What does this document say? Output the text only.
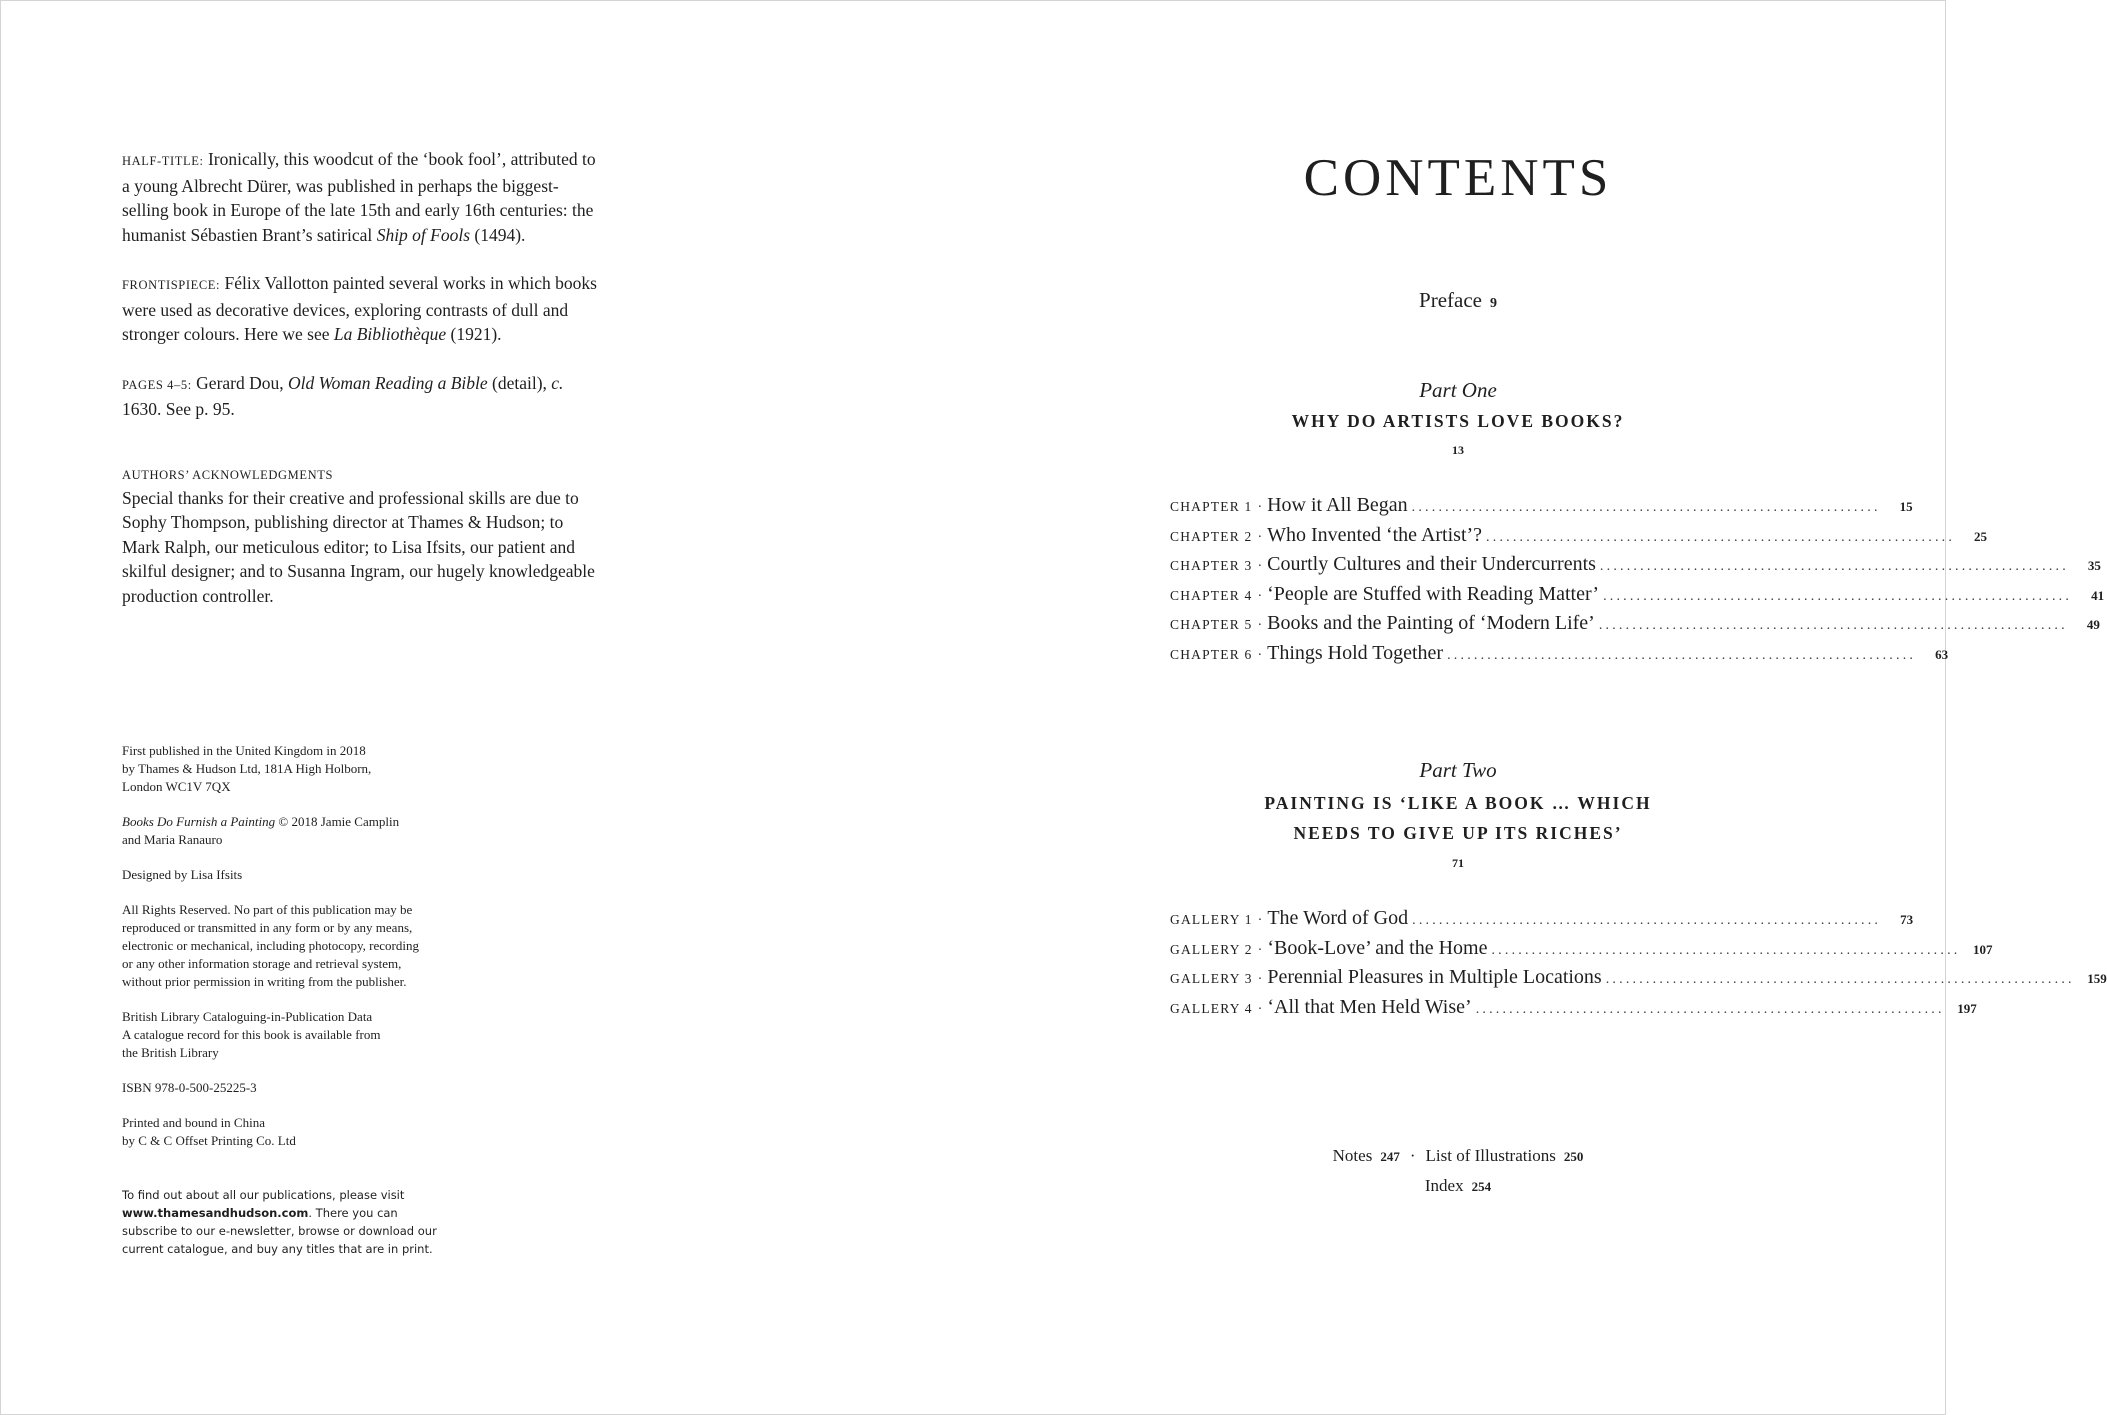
HALF-TITLE: Ironically, this woodcut of the ‘book fool’, attributed to a young Albrecht Dürer, was published in perhaps the biggest-selling book in Europe of the late 15th and early 16th centuries: the humanist Sébastien Brant’s satirical Ship of Fools (1494).

FRONTISPIECE: Félix Vallotton painted several works in which books were used as decorative devices, exploring contrasts of dull and stronger colours. Here we see La Bibliothèque (1921).

PAGES 4–5: Gerard Dou, Old Woman Reading a Bible (detail), c. 1630. See p. 95.

AUTHORS’ ACKNOWLEDGMENTS
Special thanks for their creative and professional skills are due to Sophy Thompson, publishing director at Thames & Hudson; to Mark Ralph, our meticulous editor; to Lisa Ifsits, our patient and skilful designer; and to Susanna Ingram, our hugely knowledgeable production controller.

First published in the United Kingdom in 2018
by Thames & Hudson Ltd, 181A High Holborn,
London WC1V 7QX

Books Do Furnish a Painting © 2018 Jamie Camplin
and Maria Ranauro

Designed by Lisa Ifsits

All Rights Reserved. No part of this publication may be
reproduced or transmitted in any form or by any means,
electronic or mechanical, including photocopy, recording
or any other information storage and retrieval system,
without prior permission in writing from the publisher.

British Library Cataloguing-in-Publication Data
A catalogue record for this book is available from
the British Library

ISBN 978-0-500-25225-3

Printed and bound in China
by C & C Offset Printing Co. Ltd

To find out about all our publications, please visit
www.thamesandhudson.com. There you can
subscribe to our e-newsletter, browse or download our
current catalogue, and buy any titles that are in print.
CONTENTS
Preface 9
Part One
WHY DO ARTISTS LOVE BOOKS?
13
CHAPTER 1 · How it All Began ......................................................................	15
CHAPTER 2 · Who Invented ‘the Artist’? ......................................................................	25
CHAPTER 3 · Courtly Cultures and their Undercurrents ......................................................................	35
CHAPTER 4 · ‘People are Stuffed with Reading Matter’ ......................................................................	41
CHAPTER 5 · Books and the Painting of ‘Modern Life’ ......................................................................	49
CHAPTER 6 · Things Hold Together ......................................................................	63
Part Two
PAINTING IS ‘LIKE A BOOK … WHICH
NEEDS TO GIVE UP ITS RICHES’
71
GALLERY 1 · The Word of God ......................................................................	73
GALLERY 2 · ‘Book-Love’ and the Home ...................................................................... 107
GALLERY 3 · Perennial Pleasures in Multiple Locations ...................................................................... 159
GALLERY 4 · ‘All that Men Held Wise’ ...................................................................... 197
Notes 247 · List of Illustrations 250
Index 254
